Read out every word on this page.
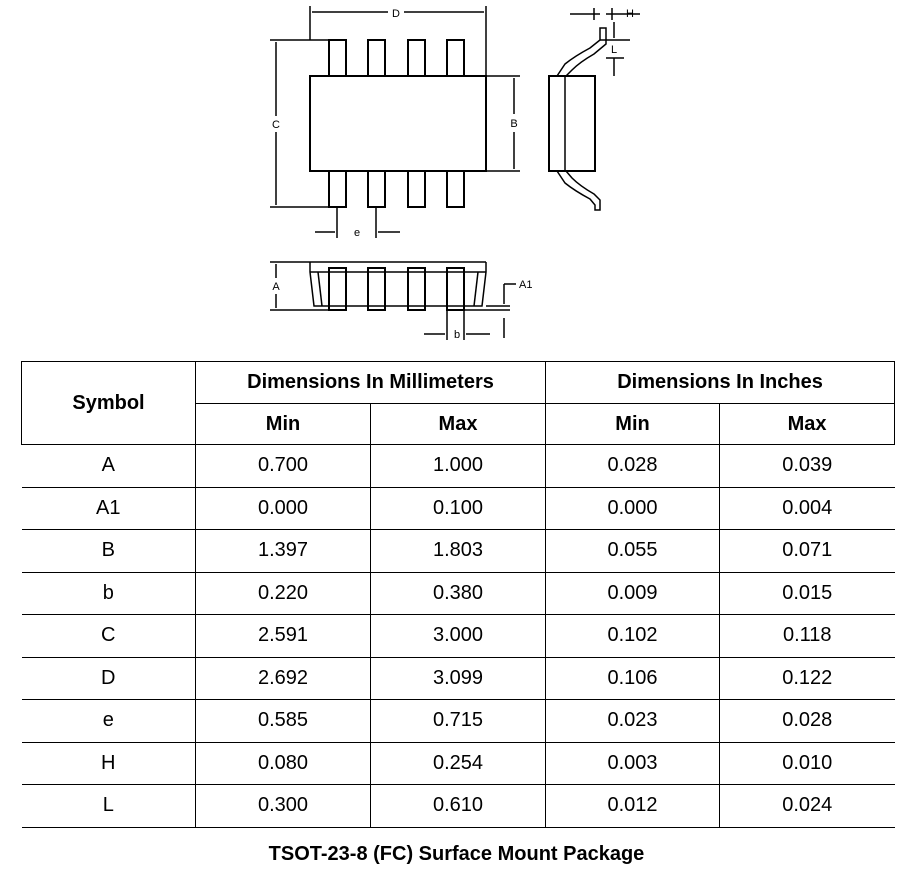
D	H
L
C	B
e
A	A1
b
Symbol	Dimensions In Millimeters		Dimensions In Inches	
	Min	Max	Min	Max
A	0.700	1.000	0.028	0.039
A1	0.000	0.100	0.000	0.004
B	1.397	1.803	0.055	0.071
b	0.220	0.380	0.009	0.015
C	2.591	3.000	0.102	0.118
D	2.692	3.099	0.106	0.122
e	0.585	0.715	0.023	0.028
H	0.080	0.254	0.003	0.010
L	0.300	0.610	0.012	0.024
TSOT-23-8 (FC) Surface Mount Package
